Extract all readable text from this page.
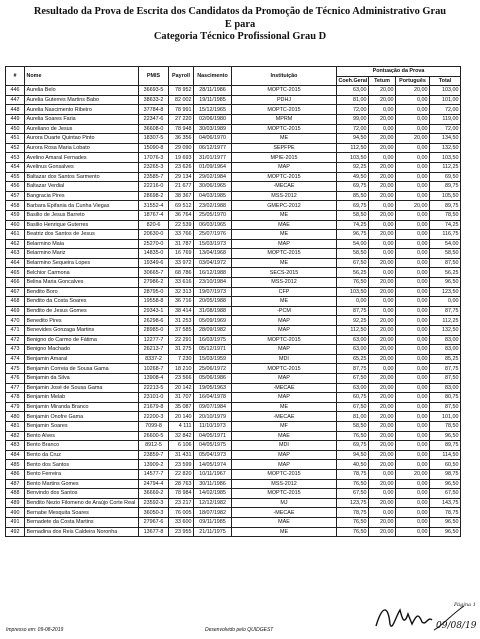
Resultado da Prova de Escrita dos Candidatos da Promoção de Técnico Administrativo Grau
E para
Categoria Técnico Profissional Grau D
#	Nome	PMIS	Payroll	Nascimento	Instituição	Pontuação da Prova			
						Coeh.Geral	Tetum	Português	Total
446	Aurelia Belo	36693-5	78 952	28/11/1986	MOPTC-2015	63,00	20,00	20,00	103,00
447	Aurelia Guterres Martins Babo	38633-2	82 002	19/11/1985	PDHJ	81,00	20,00	0,00	101,00
448	Aurelia Nascimento Ribeiro	37784-8	78 991	15/12/1965	MOPTC-2015	72,00	0,00	0,00	72,00
449	Aurelia Soares Faria	22347-6	27 220	02/06/1980	MPRM	99,00	20,00	0,00	119,00
450	Aureliano de Jesus	36608-0	78 948	30/03/1989	MOPTC-2015	72,00	0,00	0,00	72,00
451	Aurora Duarte Quintao Pinto	18307-5	36 356	04/06/1970	ME	94,50	20,00	20,00	134,50
452	Aurora Rosa Maria Lobato	15090-8	29 090	06/12/1977	SEPFPE	112,50	20,00	0,00	132,50
453	Avelino Amaral Fernades	17076-3	19 693	31/01/1977	MPIE-2015	103,50	0,00	0,00	103,50
454	Avelinus Gonsalves	23265-3	23 626	01/09/1964	MAP	92,25	20,00	0,00	112,25
455	Baltazar dos Santos Sarmento	23585-7	29 134	29/02/1984	MOPTC-2015	49,50	20,00	0,00	69,50
456	Baltazar Verdial	22216-0	21 677	30/06/1965	-MECAE	69,75	20,00	0,00	89,75
457	Bangracia Pires	28698-2	38 367	04/03/1985	MSS-2012	85,50	20,00	0,00	105,50
458	Barbara Epifania da Cunha Viegas	31552-4	69 512	23/02/1988	GMEPC-2012	69,75	0,00	20,00	89,75
459	Basilio de Jesus Barreto	18767-4	36 764	25/05/1970	ME	58,50	20,00	0,00	78,50
460	Basilio Henrique Guterres	820-6	22 539	06/03/1965	MAE	74,25	0,00	0,00	74,25
461	Beatriz dos Santos de Jesus	20630-0	33 766	25/07/1976	ME	96,75	20,00	0,00	116,75
462	Belarmino Maia	25270-0	31 787	15/03/1973	MAP	54,00	0,00	0,00	54,00
463	Belarmino Mariz	14835-0	16 769	13/04/1968	MOPTC-2015	58,50	0,00	0,00	58,50
464	Belarmino Sequeira Lopes	19349-6	33 972	03/04/1972	ME	67,50	20,00	0,00	87,50
465	Belchior Carmona	30665-7	68 786	16/12/1988	SECS-2015	56,25	0,00	0,00	56,25
466	Belina Maria Goncalves	27986-2	33 616	23/10/1984	MSS-2012	76,50	20,00	0,00	96,50
467	Bendito Boro	28795-0	32 313	19/07/1973	CFP	103,50	20,00	0,00	123,50
468	Bendito da Costa Soares	19558-8	36 716	20/05/1988	ME	0,00	0,00	0,00	0,00
469	Bendito de Jesus Gomes	29343-1	38 414	31/08/1988	-PCM	87,75	0,00	0,00	87,75
470	Benedito Pires	26298-6	31 253	05/09/1969	MAP	92,25	20,00	0,00	112,25
471	Benevides Gonzaga Martins	28985-0	37 585	28/09/1982	MAP	112,50	20,00	0,00	132,50
472	Benigno do Carmo de Fátima	12277-7	22 291	16/03/1975	MOPTC-2015	63,00	20,00	0,00	83,00
473	Benigno Machado	26213-7	31 275	05/12/1971	MAP	63,00	20,00	0,00	83,00
474	Benjamin Amaral	8337-2	7 230	15/03/1959	MDI	65,25	20,00	0,00	85,25
475	Benjamin Correia de Sousa Gama	10268-7	18 210	25/06/1972	MOPTC-2015	87,75	0,00	0,00	87,75
476	Benjamin da Silva	13908-4	23 566	05/06/1986	MAP	67,50	20,00	0,00	87,50
477	Benjamin José de Sousa Gama	22213-5	20 142	19/05/1963	-MECAE	63,00	20,00	0,00	83,00
478	Benjamin Melab	23101-0	31 707	16/04/1978	MAP	60,75	20,00	0,00	80,75
479	Benjamin Miranda Branco	21679-8	35 087	09/07/1984	ME	67,50	20,00	0,00	87,50
480	Benjamin Onofre Gama	22200-3	20 140	20/10/1979	-MECAE	81,00	20,00	0,00	101,00
481	Benjamin Soares	7099-8	4 111	11/10/1973	MF	58,50	20,00	0,00	78,50
482	Bento Alves	26600-5	32 842	04/05/1971	MAE	76,50	20,00	0,00	96,50
483	Bento Branco	8912-5	6 106	04/05/1975	MDI	69,75	20,00	0,00	89,75
484	Bento da Cruz	23859-7	31 431	05/04/1973	MAP	94,50	20,00	0,00	114,50
485	Bento dos Santos	13909-2	23 599	14/05/1974	MAP	40,50	20,00	0,00	60,50
486	Bento Ferreira	14577-7	22 820	10/11/1967	MOPTC-2015	78,75	0,00	20,00	98,75
487	Bento Martins Gomes	24794-4	28 763	30/11/1986	MSS-2012	76,50	20,00	0,00	96,50
488	Benvindo dos Santos	36669-2	78 984	14/02/1985	MOPTC-2015	67,50	0,00	0,00	67,50
489	Bendito Nezio Filomeno de Araújo Corte Real	23592-3	23 217	12/12/1982	MJ	123,75	20,00	0,00	143,75
490	Bernabe Mesquita Soares	36050-3	76 005	18/07/1982	-MECAE	78,75	0,00	0,00	78,75
491	Bernadete da Costa Martins	27967-6	33 600	09/11/1985	MAE	76,50	20,00	0,00	96,50
492	Bernadina dos Reis Caldeira Noronha	13677-8	23 955	21/11/1975	ME	76,50	20,00	0,00	96,50
Impresso em: 09-08-2019	Desenvolvido pelo QUIDGEST	09/08/19
Página 1
